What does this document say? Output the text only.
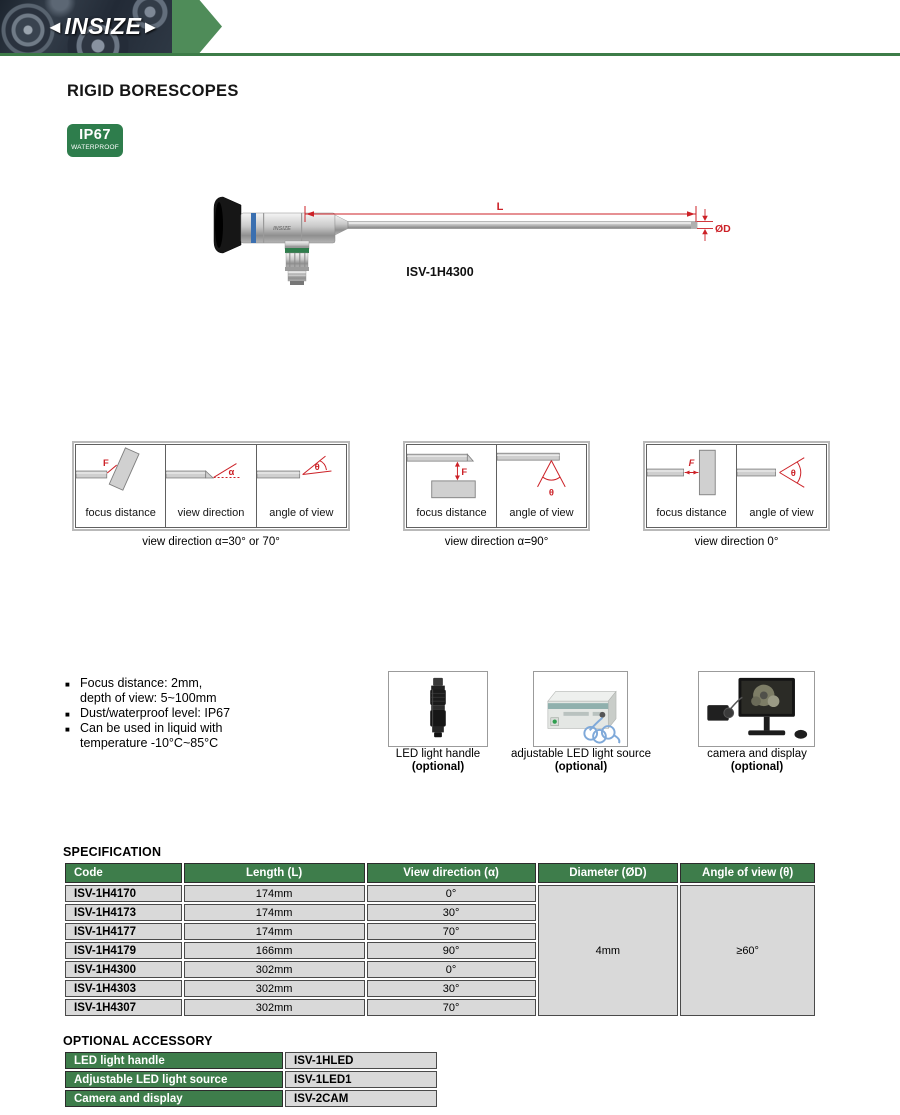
◄INSIZE►
RIGID BORESCOPES
IP67
WATERPROOF
INSIZE
L
ØD
ISV-1H4300
F
focus distance
α
view direction
θ
angle of view
view direction α=30° or 70°
F
focus distance
θ
angle of view
view direction α=90°
F
focus distance
θ
angle of view
view direction 0°
■ Focus distance: 2mm,
depth of view: 5~100mm
■ Dust/waterproof level: IP67
■ Can be used in liquid with
temperature -10°C~85°C
LED light handle
(optional)
adjustable LED light source
(optional)
camera and display
(optional)
SPECIFICATION
Code	Length (L)	View direction (α)	Diameter (ØD)	Angle of view (θ)
ISV-1H4170	174mm	0°	4mm	≥60°
ISV-1H4173	174mm	30°		
ISV-1H4177	174mm	70°		
ISV-1H4179	166mm	90°		
ISV-1H4300	302mm	0°		
ISV-1H4303	302mm	30°		
ISV-1H4307	302mm	70°		
OPTIONAL ACCESSORY
LED light handle	ISV-1HLED
Adjustable LED light source	ISV-1LED1
Camera and display	ISV-2CAM
